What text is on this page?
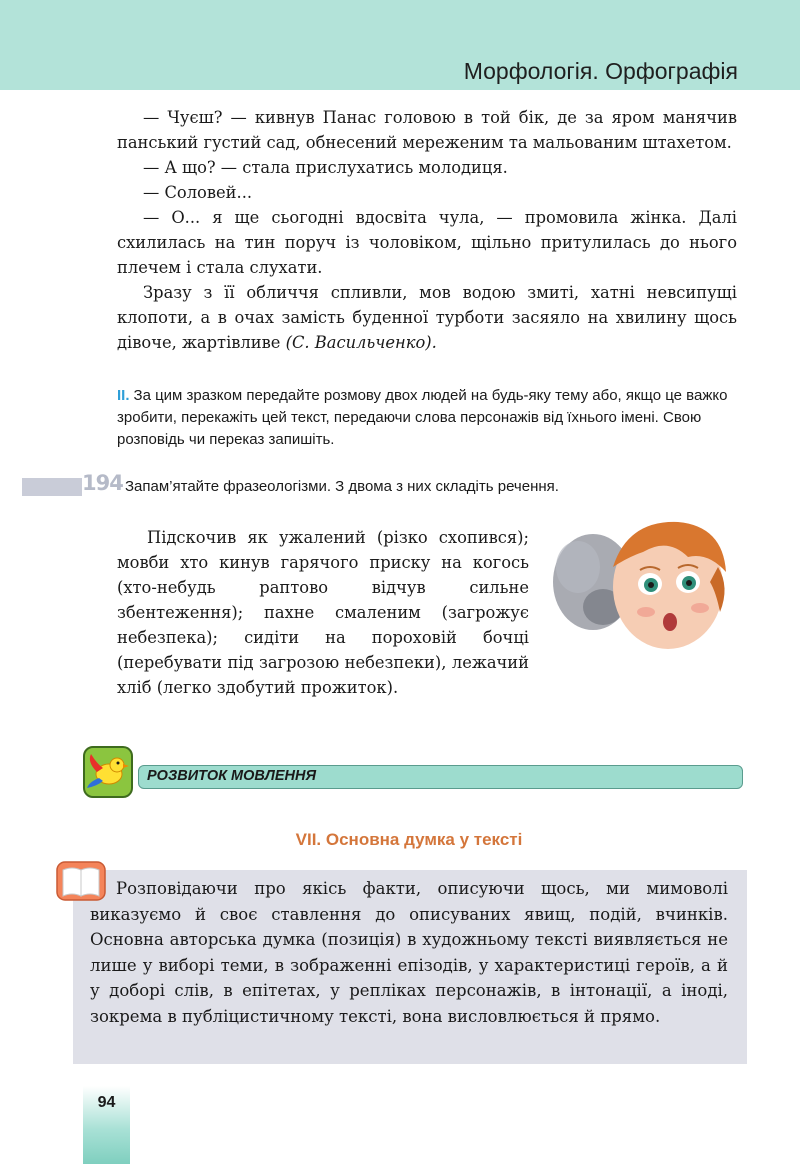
Морфологія. Орфографія

— Чуєш? — кивнув Панас головою в той бік, де за яром манячив панський густий сад, обнесений мереженим та мальованим штахетом.

— А що? — стала прислухатись молодиця.

— Соловей...

— О... я ще сьогодні вдосвіта чула, — промовила жінка. Далі схилилась на тин поруч із чоловіком, щільно притулилась до нього плечем і стала слухати.

Зразу з її обличчя спливли, мов водою змиті, хатні невсипущі клопоти, а в очах замість буденної турботи засяяло на хвилину щось дівоче, жартівливе (С. Васильченко).

II. За цим зразком передайте розмову двох людей на будь-яку тему або, якщо це важко зробити, перекажіть цей текст, передаючи слова персонажів від їхнього імені. Свою розповідь чи переказ запишіть.
194 Запам’ятайте фразеологізми. З двома з них складіть речення.

Підскочив як ужалений (різко схопився); мовби хто кинув гарячого приску на когось (хто-небудь раптово відчув сильне збентеження); пахне смаленим (загрожує небезпека); сидіти на пороховій бочці (перебувати під загрозою небезпеки), лежачий хліб (легко здобутий прожиток).

РОЗВИТОК МОВЛЕННЯ
VII. Основна думка у тексті

Розповідаючи про якісь факти, описуючи щось, ми мимоволі виказуємо й своє ставлення до описуваних явищ, подій, вчинків. Основна авторська думка (позиція) в художньому тексті виявляється не лише у виборі теми, в зображенні епізодів, у характеристиці героїв, а й у доборі слів, в епітетах, у репліках персонажів, в інтонації, а іноді, зокрема в публіцистичному тексті, вона висловлюється й прямо.

94
